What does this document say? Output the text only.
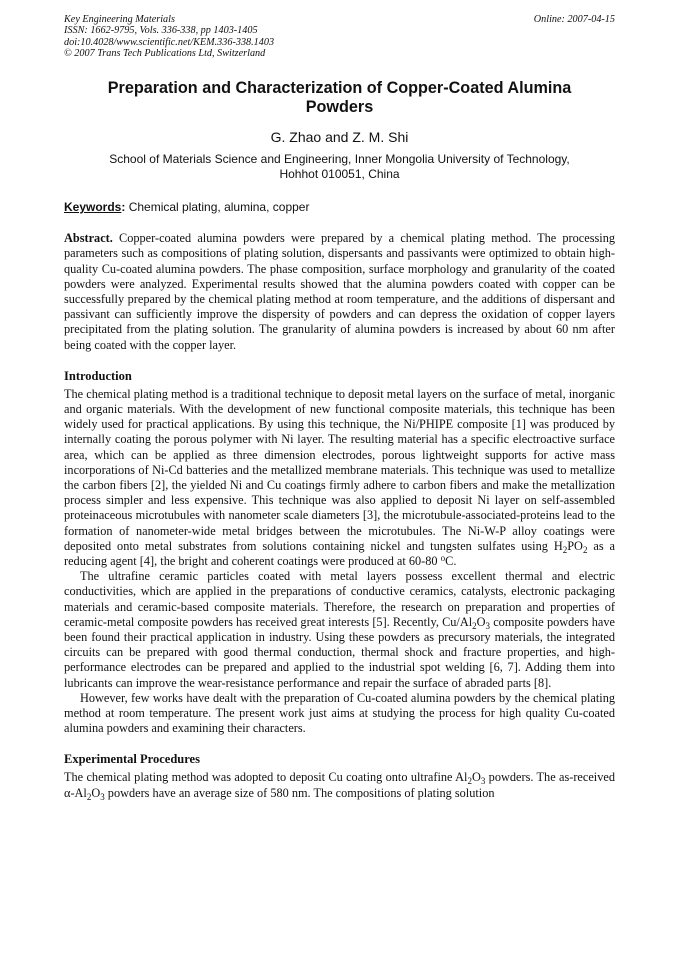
Key Engineering Materials
ISSN: 1662-9795, Vols. 336-338, pp 1403-1405
doi:10.4028/www.scientific.net/KEM.336-338.1403
© 2007 Trans Tech Publications Ltd, Switzerland
Online: 2007-04-15
Preparation and Characterization of Copper-Coated Alumina Powders
G. Zhao and Z. M. Shi
School of Materials Science and Engineering, Inner Mongolia University of Technology,
Hohhot 010051, China
Keywords: Chemical plating, alumina, copper

Abstract. Copper-coated alumina powders were prepared by a chemical plating method. The processing parameters such as compositions of plating solution, dispersants and passivants were optimized to obtain high-quality Cu-coated alumina powders. The phase composition, surface morphology and granularity of the coated powders were analyzed. Experimental results showed that the alumina powders coated with copper can be successfully prepared by the chemical plating method at room temperature, and the additions of dispersant and passivant can sufficiently improve the dispersity of powders and can depress the oxidation of copper layers precipitated from the plating solution. The granularity of alumina powders is increased by about 60 nm after being coated with the copper layer.

Introduction

The chemical plating method is a traditional technique to deposit metal layers on the surface of metal, inorganic and organic materials. With the development of new functional composite materials, this technique has been widely used for practical applications. By using this technique, the Ni/PHIPE composite [1] was produced by internally coating the porous polymer with Ni layer. The resulting material has a specific electroactive surface area, which can be applied as three dimension electrodes, porous lightweight supports for active mass incorporations of Ni-Cd batteries and the metallized membrane materials. This technique was used to metallize the carbon fibers [2], the yielded Ni and Cu coatings firmly adhere to carbon fibers and make the metallization process simpler and less expensive. This technique was also applied to deposit Ni layer on self-assembled proteinaceous microtubules with nanometer scale diameters [3], the microtubule-associated-proteins lead to the formation of nanometer-wide metal bridges between the microtubules. The Ni-W-P alloy coatings were deposited onto metal substrates from solutions containing nickel and tungsten sulfates using $H_2PO_2$ as a reducing agent [4], the bright and coherent coatings were produced at 60-80 $^o$C.

The ultrafine ceramic particles coated with metal layers possess excellent thermal and electric conductivities, which are applied in the preparations of conductive ceramics, catalysts, electronic packaging materials and ceramic-based composite materials. Therefore, the research on preparation and properties of ceramic-metal composite powders has received great interests [5]. Recently, $Cu/Al_2O_3$ composite powders have been found their practical application in industry. Using these powders as precursory materials, the integrated circuits can be prepared with good thermal conduction, thermal shock and fracture properties, and high-performance electrodes can be prepared and applied to the industrial spot welding [6, 7]. Adding them into lubricants can improve the wear-resistance performance and repair the surface of abraded parts [8].

However, few works have dealt with the preparation of Cu-coated alumina powders by the chemical plating method at room temperature. The present work just aims at studying the process for high quality Cu-coated alumina powders and examining their characters.

Experimental Procedures

The chemical plating method was adopted to deposit Cu coating onto ultrafine $Al_2O_3$ powders. The as-received $\alpha-Al_2O_3$ powders have an average size of 580 nm. The compositions of plating solution
